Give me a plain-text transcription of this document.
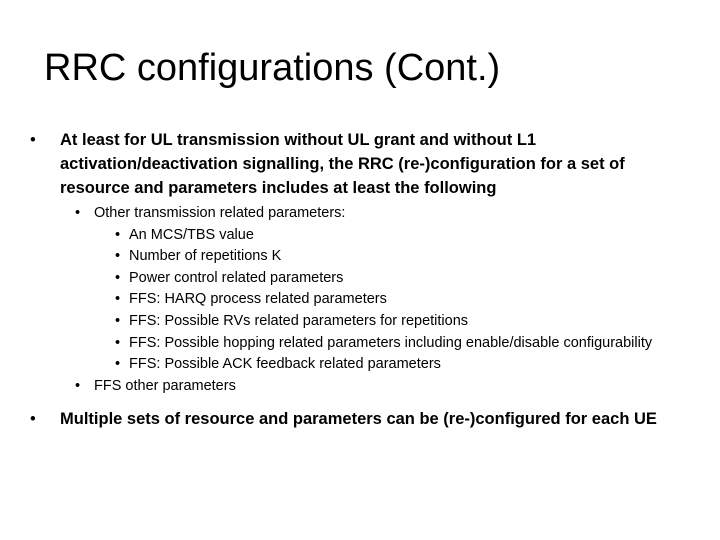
RRC configurations (Cont.)
• At least for UL transmission without UL grant and without L1 activation/deactivation signalling, the RRC (re-)configuration for a set of resource and parameters includes at least the following
• Other transmission related parameters:
• An MCS/TBS value
• Number of repetitions K
• Power control related parameters
• FFS: HARQ process related parameters
• FFS: Possible RVs related parameters for repetitions
• FFS: Possible hopping related parameters including enable/disable configurability
• FFS: Possible ACK feedback related parameters
• FFS other parameters
• Multiple sets of resource and parameters can be (re-)configured for each UE
